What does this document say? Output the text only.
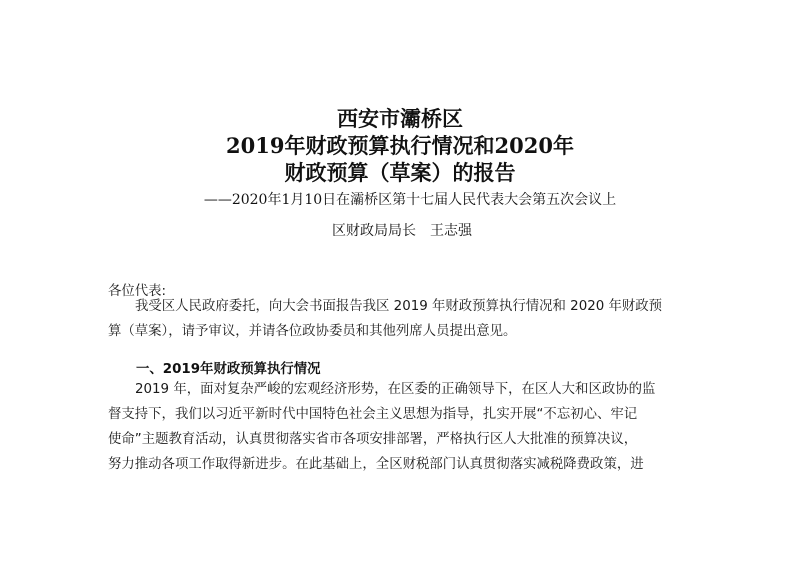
西安市灞桥区
2019年财政预算执行情况和2020年
财政预算（草案）的报告
——2020年1月10日在灞桥区第十七届人民代表大会第五次会议上
区财政局局长　王志强
各位代表:
我受区人民政府委托，向大会书面报告我区 2019 年财政预算执行情况和 2020 年财政预
算（草案），请予审议，并请各位政协委员和其他列席人员提出意见。
一、2019年财政预算执行情况
2019 年，面对复杂严峻的宏观经济形势，在区委的正确领导下，在区人大和区政协的监
督支持下，我们以习近平新时代中国特色社会主义思想为指导，扎实开展“不忘初心、牢记
使命”主题教育活动，认真贯彻落实省市各项安排部署，严格执行区人大批准的预算决议，
努力推动各项工作取得新进步。在此基础上，全区财税部门认真贯彻落实减税降费政策，进
